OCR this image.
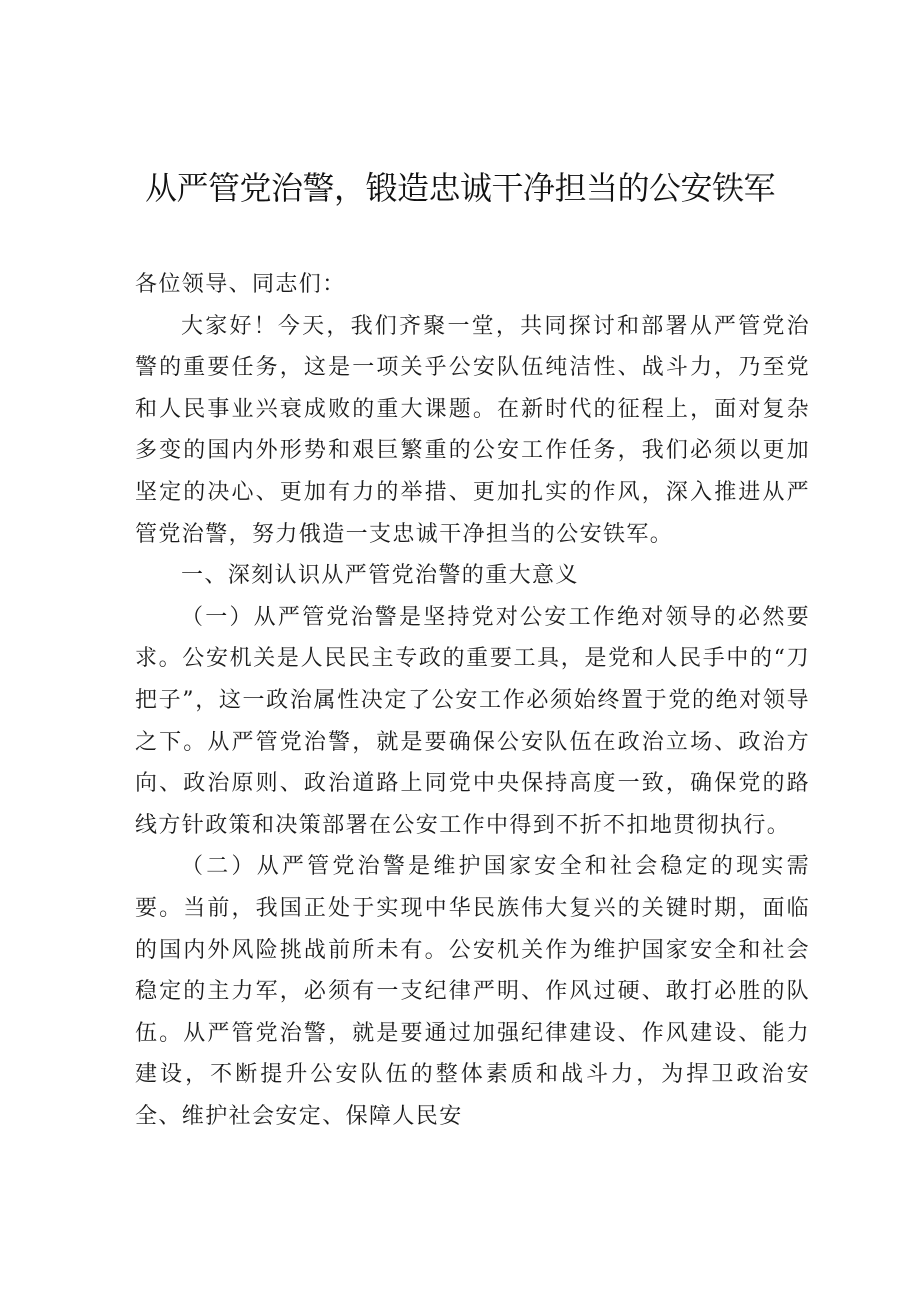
从严管党治警，锻造忠诚干净担当的公安铁军

各位领导、同志们：

大家好！今天，我们齐聚一堂，共同探讨和部署从严管党治警的重要任务，这是一项关乎公安队伍纯洁性、战斗力，乃至党和人民事业兴衰成败的重大课题。在新时代的征程上，面对复杂多变的国内外形势和艰巨繁重的公安工作任务，我们必须以更加坚定的决心、更加有力的举措、更加扎实的作风，深入推进从严管党治警，努力俄造一支忠诚干净担当的公安铁军。

一、深刻认识从严管党治警的重大意义

（一）从严管党治警是坚持党对公安工作绝对领导的必然要求。公安机关是人民民主专政的重要工具，是党和人民手中的“刀把子”，这一政治属性决定了公安工作必须始终置于党的绝对领导之下。从严管党治警，就是要确保公安队伍在政治立场、政治方向、政治原则、政治道路上同党中央保持高度一致，确保党的路线方针政策和决策部署在公安工作中得到不折不扣地贯彻执行。

（二）从严管党治警是维护国家安全和社会稳定的现实需要。当前，我国正处于实现中华民族伟大复兴的关键时期，面临的国内外风险挑战前所未有。公安机关作为维护国家安全和社会稳定的主力军，必须有一支纪律严明、作风过硬、敢打必胜的队伍。从严管党治警，就是要通过加强纪律建设、作风建设、能力建设，不断提升公安队伍的整体素质和战斗力，为捍卫政治安全、维护社会安定、保障人民安
